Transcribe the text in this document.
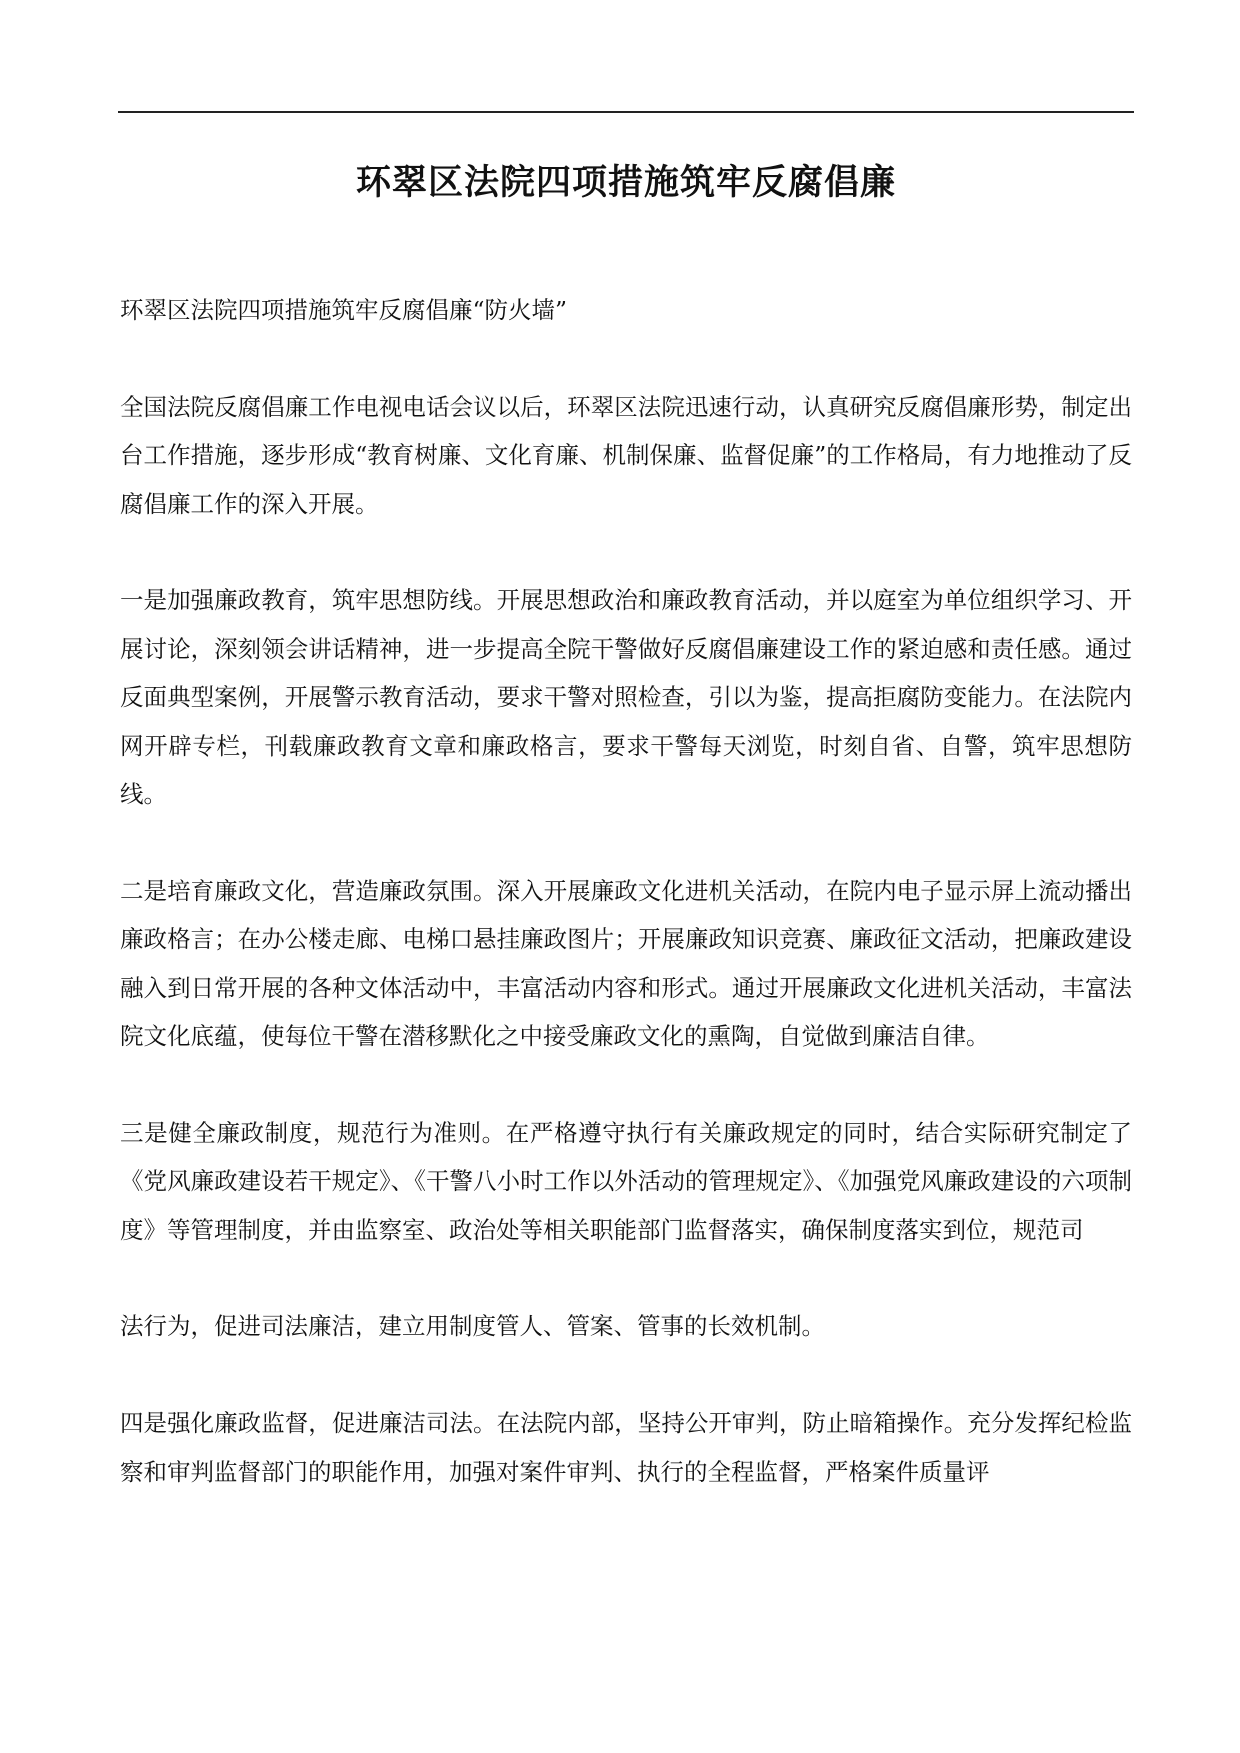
环翠区法院四项措施筑牢反腐倡廉

环翠区法院四项措施筑牢反腐倡廉“防火墙”

全国法院反腐倡廉工作电视电话会议以后，环翠区法院迅速行动，认真研究反腐倡廉形势，制定出台工作措施，逐步形成“教育树廉、文化育廉、机制保廉、监督促廉”的工作格局，有力地推动了反腐倡廉工作的深入开展。

一是加强廉政教育，筑牢思想防线。开展思想政治和廉政教育活动，并以庭室为单位组织学习、开展讨论，深刻领会讲话精神，进一步提高全院干警做好反腐倡廉建设工作的紧迫感和责任感。通过反面典型案例，开展警示教育活动，要求干警对照检查，引以为鉴，提高拒腐防变能力。在法院内网开辟专栏，刊载廉政教育文章和廉政格言，要求干警每天浏览，时刻自省、自警，筑牢思想防线。

二是培育廉政文化，营造廉政氛围。深入开展廉政文化进机关活动，在院内电子显示屏上流动播出廉政格言；在办公楼走廊、电梯口悬挂廉政图片；开展廉政知识竞赛、廉政征文活动，把廉政建设融入到日常开展的各种文体活动中，丰富活动内容和形式。通过开展廉政文化进机关活动，丰富法院文化底蕴，使每位干警在潜移默化之中接受廉政文化的熏陶，自觉做到廉洁自律。

三是健全廉政制度，规范行为准则。在严格遵守执行有关廉政规定的同时，结合实际研究制定了《党风廉政建设若干规定》、《干警八小时工作以外活动的管理规定》、《加强党风廉政建设的六项制度》等管理制度，并由监察室、政治处等相关职能部门监督落实，确保制度落实到位，规范司

法行为，促进司法廉洁，建立用制度管人、管案、管事的长效机制。

四是强化廉政监督，促进廉洁司法。在法院内部，坚持公开审判，防止暗箱操作。充分发挥纪检监察和审判监督部门的职能作用，加强对案件审判、执行的全程监督，严格案件质量评
